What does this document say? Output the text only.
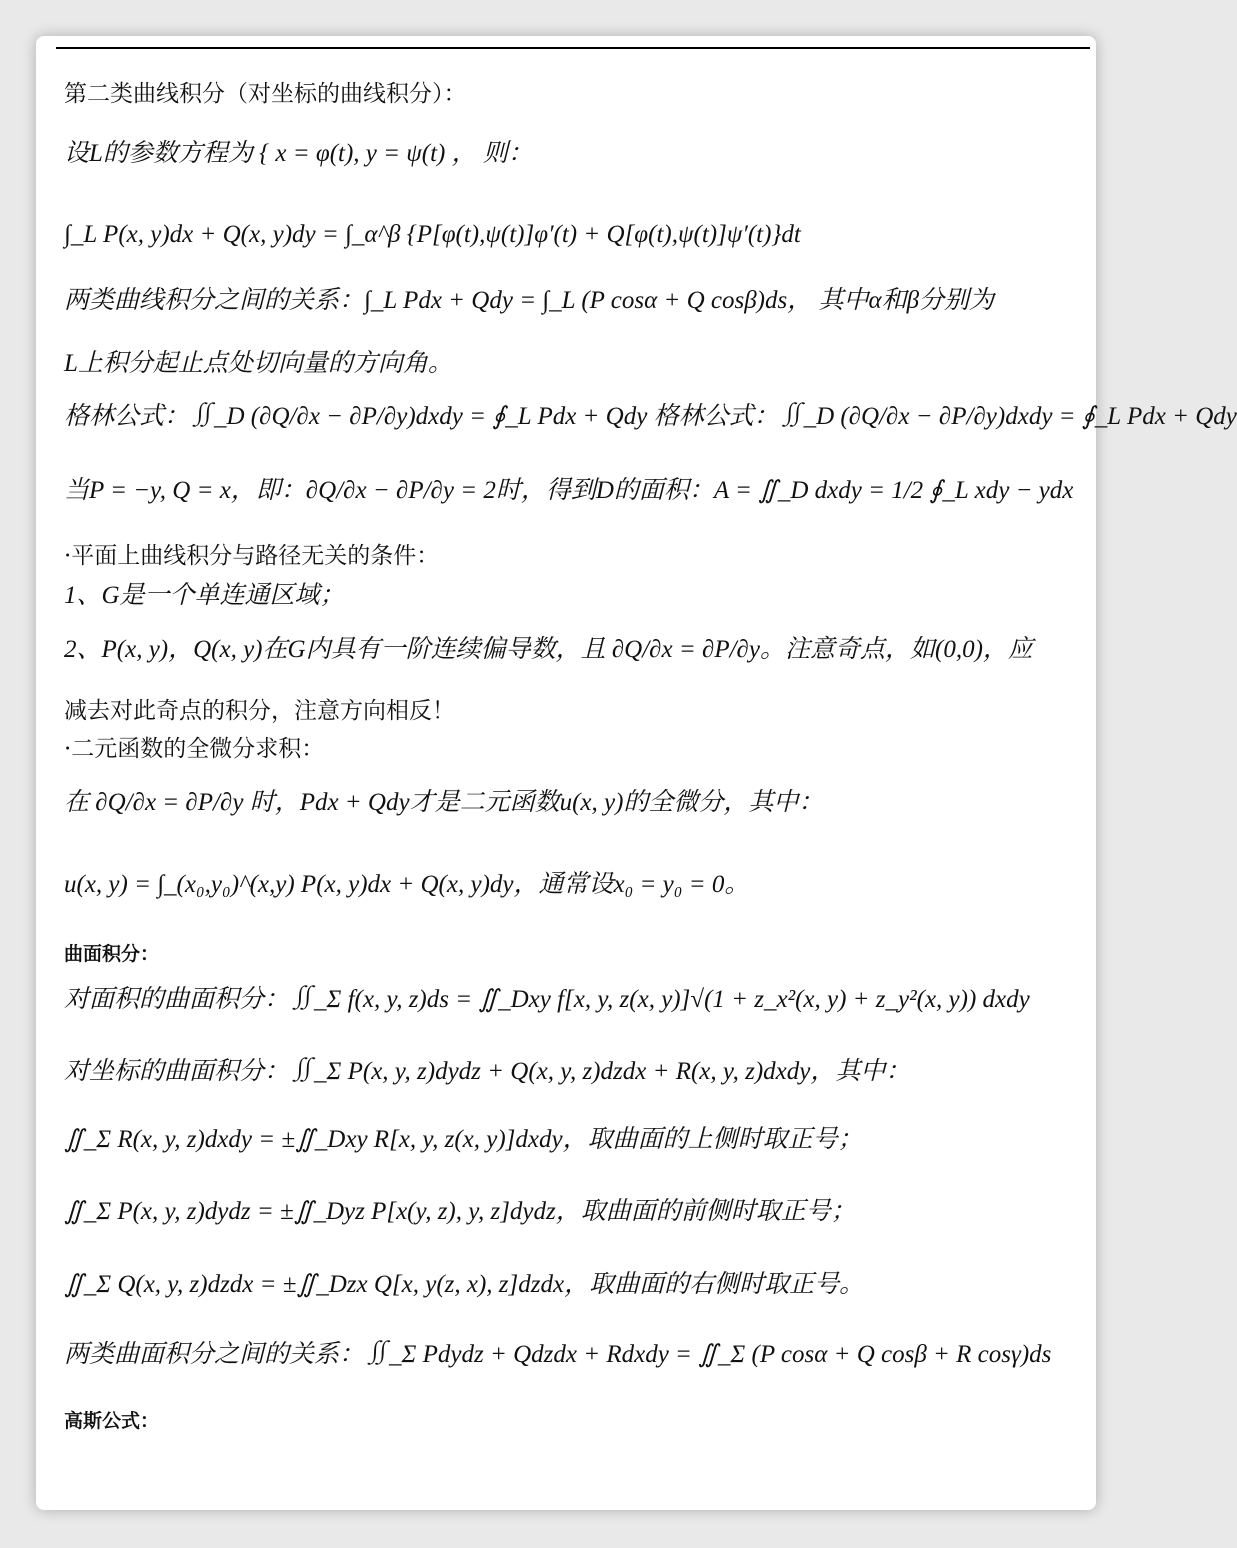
第二类曲线积分（对坐标的曲线积分）：
设L的参数方程为 { x = φ(t), y = ψ(t) ， 则：
∫_L P(x, y)dx + Q(x, y)dy = ∫_α^β {P[φ(t),ψ(t)]φ′(t) + Q[φ(t),ψ(t)]ψ′(t)}dt
两类曲线积分之间的关系：∫_L Pdx + Qdy = ∫_L (P cosα + Q cosβ)ds， 其中α和β分别为
L上积分起止点处切向量的方向角。
格林公式：∬_D (∂Q/∂x − ∂P/∂y)dxdy = ∮_L Pdx + Qdy 格林公式：∬_D (∂Q/∂x − ∂P/∂y)dxdy = ∮_L Pdx + Qdy
当P = −y, Q = x，即：∂Q/∂x − ∂P/∂y = 2时，得到D的面积：A = ∬_D dxdy = 1/2 ∮_L xdy − ydx
·平面上曲线积分与路径无关的条件：
1、G是一个单连通区域；
2、P(x, y)，Q(x, y)在G内具有一阶连续偏导数，且 ∂Q/∂x = ∂P/∂y。注意奇点，如(0,0)，应
减去对此奇点的积分，注意方向相反！
·二元函数的全微分求积：
在 ∂Q/∂x = ∂P/∂y 时，Pdx + Qdy才是二元函数u(x, y)的全微分，其中：
u(x, y) = ∫_(x₀,y₀)^(x,y) P(x, y)dx + Q(x, y)dy，通常设x₀ = y₀ = 0。
曲面积分：
对面积的曲面积分：∬_Σ f(x, y, z)ds = ∬_Dxy f[x, y, z(x, y)]√(1 + z_x²(x, y) + z_y²(x, y)) dxdy
对坐标的曲面积分：∬_Σ P(x, y, z)dydz + Q(x, y, z)dzdx + R(x, y, z)dxdy，其中：
∬_Σ R(x, y, z)dxdy = ±∬_Dxy R[x, y, z(x, y)]dxdy，取曲面的上侧时取正号；
∬_Σ P(x, y, z)dydz = ±∬_Dyz P[x(y, z), y, z]dydz，取曲面的前侧时取正号；
∬_Σ Q(x, y, z)dzdx = ±∬_Dzx Q[x, y(z, x), z]dzdx，取曲面的右侧时取正号。
两类曲面积分之间的关系：∬_Σ Pdydz + Qdzdx + Rdxdy = ∬_Σ (P cosα + Q cosβ + R cosγ)ds
高斯公式：
